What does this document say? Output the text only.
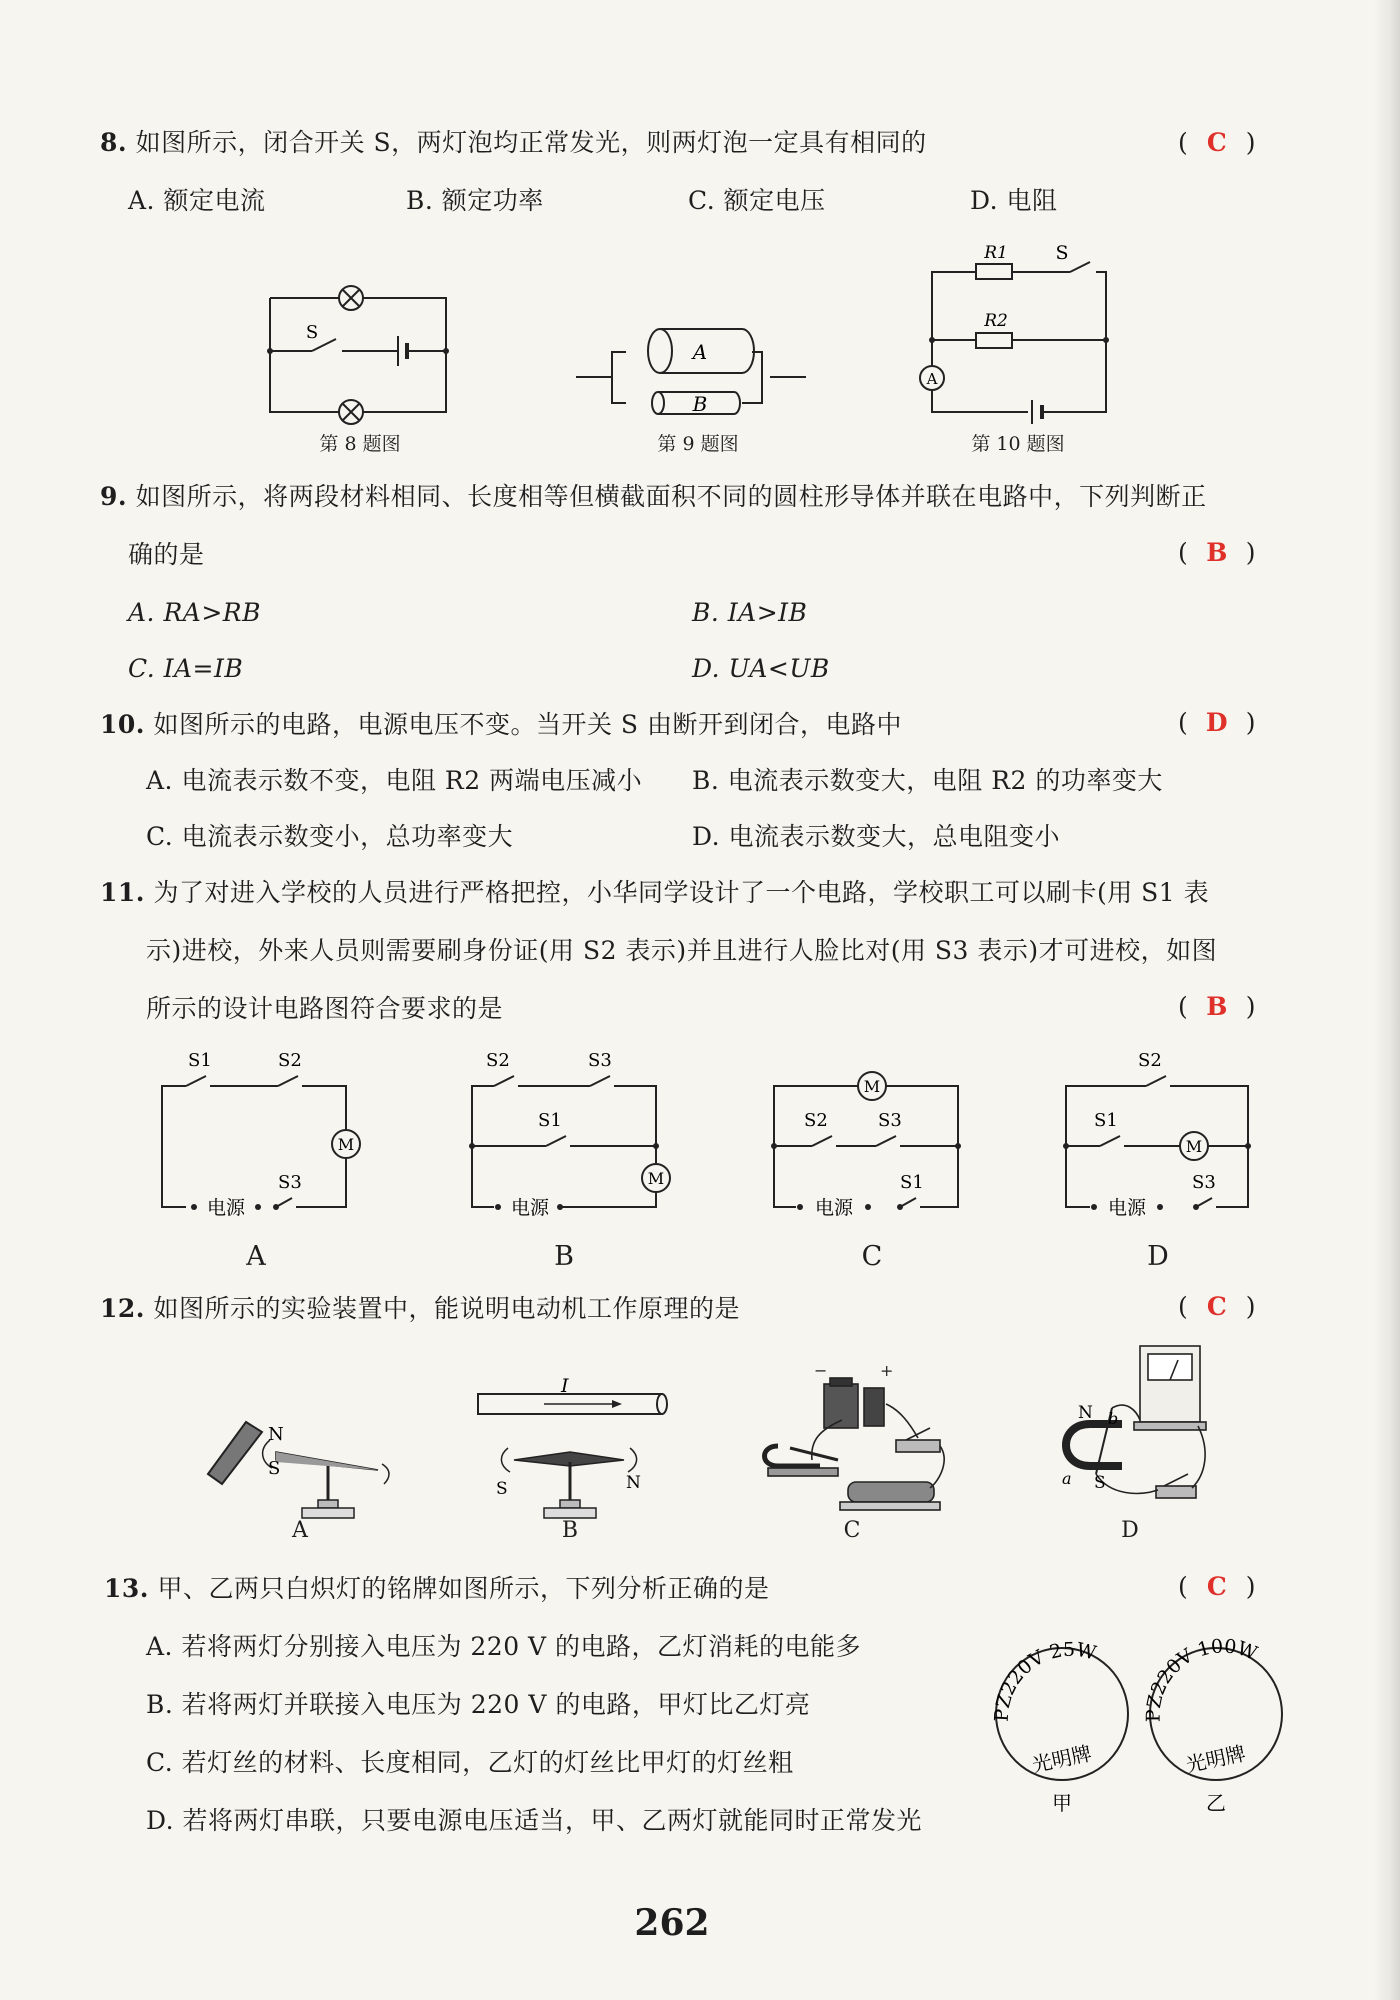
8. 如图所示，闭合开关 S，两灯泡均正常发光，则两灯泡一定具有相同的	( C )
A. 额定电流	B. 额定功率	C. 额定电压	D. 电阻
A
B
R1
R2
S
A
S
第 8 题图	第 9 题图	第 10 题图
9. 如图所示，将两段材料相同、长度相等但横截面积不同的圆柱形导体并联在电路中，下列判断正
确的是	( B )
A. RA>RB	B. IA>IB
C. IA=IB	D. UA<UB
10. 如图所示的电路，电源电压不变。当开关 S 由断开到闭合，电路中	( D )
A. 电流表示数不变，电阻 R2 两端电压减小 B. 电流表示数变大，电阻 R2 的功率变大
C. 电流表示数变小，总功率变大	D. 电流表示数变大，总电阻变小
11. 为了对进入学校的人员进行严格把控，小华同学设计了一个电路，学校职工可以刷卡(用 S1 表
示)进校，外来人员则需要刷身份证(用 S2 表示)并且进行人脸比对(用 S3 表示)才可进校，如图
所示的设计电路图符合要求的是	( B )
电源
M
S1	S2
S3
电源
M
S2	S3
S1
电源
M
S2	S3
S1
电源
M
S2
S1
S3
A	B	C	D
12. 如图所示的实验装置中，能说明电动机工作原理的是	( C )
N
S
I
S	N
−	+
N
S
a
b
A	B	C	D
13. 甲、乙两只白炽灯的铭牌如图所示，下列分析正确的是	( C )
A. 若将两灯分别接入电压为 220 V 的电路，乙灯消耗的电能多
B. 若将两灯并联接入电压为 220 V 的电路，甲灯比乙灯亮
C. 若灯丝的材料、长度相同，乙灯的灯丝比甲灯的灯丝粗
D. 若将两灯串联，只要电源电压适当，甲、乙两灯就能同时正常发光
PZ220V 25W
光明牌
PZ220V 100W
光明牌
甲	乙
262
